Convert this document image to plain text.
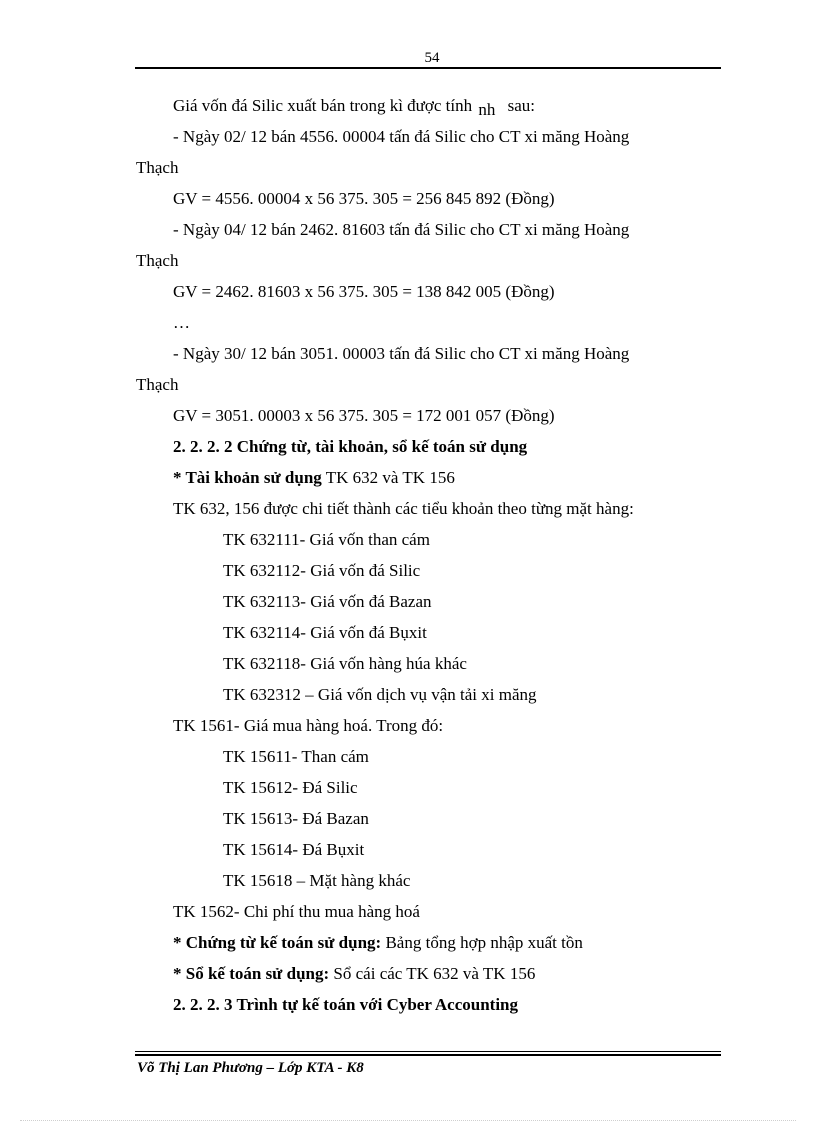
54
Giá vốn đá Silic xuất bán trong kì được tính nh sau:
- Ngày 02/ 12 bán 4556. 00004 tấn đá Silic cho CT xi măng Hoàng
Thạch
GV = 4556. 00004 x 56 375. 305 = 256 845 892 (Đồng)
- Ngày 04/ 12 bán 2462. 81603 tấn đá Silic cho CT xi măng Hoàng
Thạch
GV = 2462. 81603 x 56 375. 305 = 138 842 005 (Đồng)
…
- Ngày 30/ 12 bán 3051. 00003 tấn đá Silic cho CT xi măng Hoàng
Thạch
GV = 3051. 00003 x 56 375. 305 = 172 001 057 (Đồng)
2. 2. 2. 2 Chứng từ, tài khoản, sổ kế toán sử dụng
* Tài khoản sử dụng TK 632 và TK 156
TK 632, 156 được chi tiết thành các tiểu khoản theo từng mặt hàng:
TK 632111- Giá vốn than cám
TK 632112- Giá vốn đá Silic
TK 632113- Giá vốn đá Bazan
TK 632114- Giá vốn đá Bụxit
TK 632118- Giá vốn hàng húa khác
TK 632312 – Giá vốn dịch vụ vận tải xi măng
TK 1561- Giá mua hàng hoá. Trong đó:
TK 15611- Than cám
TK 15612- Đá Silic
TK 15613- Đá Bazan
TK 15614- Đá Bụxit
TK 15618 – Mặt hàng khác
TK 1562- Chi phí thu mua hàng hoá
* Chứng từ kế toán sử dụng: Bảng tổng hợp nhập xuất tồn
* Sổ kế toán sử dụng: Sổ cái các TK 632 và TK 156
2. 2. 2. 3 Trình tự kế toán với Cyber Accounting
Võ Thị Lan Phương – Lớp KTA - K8
